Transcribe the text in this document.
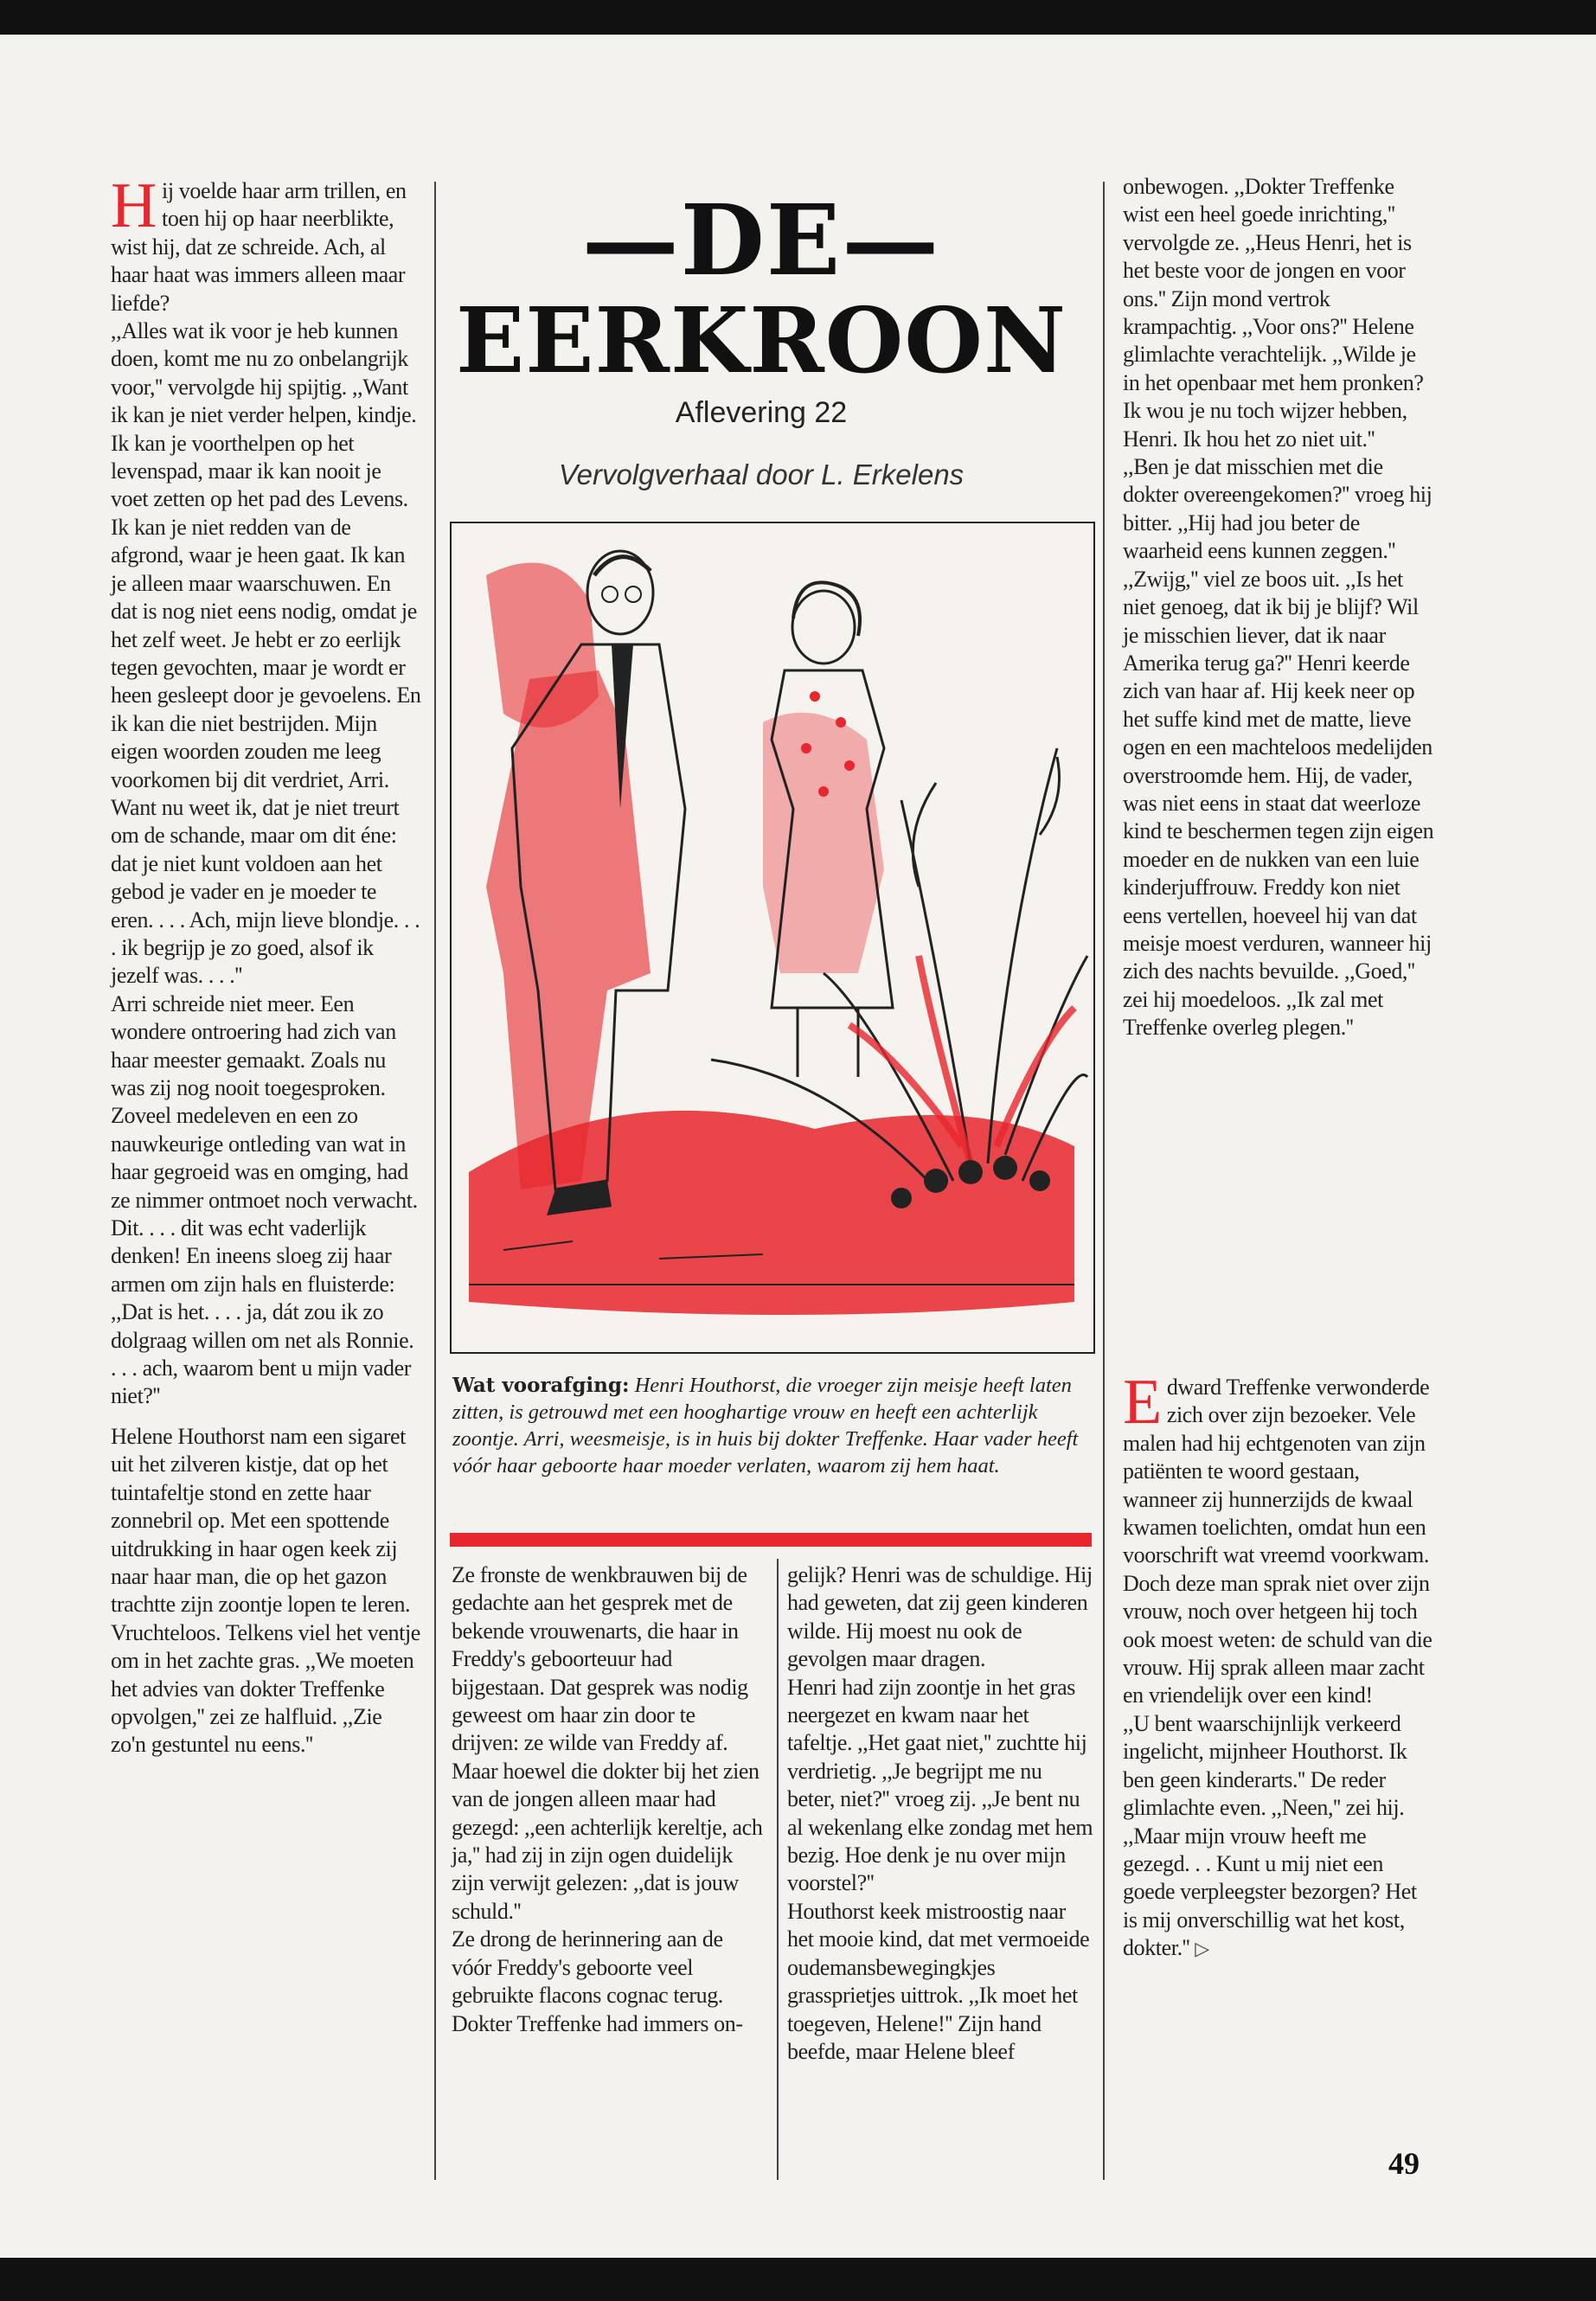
Hij voelde haar arm trillen, en toen hij op haar neerblikte, wist hij, dat ze schreide. Ach, al haar haat was immers alleen maar liefde?

,,Alles wat ik voor je heb kunnen doen, komt me nu zo onbelangrijk voor,'' vervolgde hij spijtig. ,,Want ik kan je niet verder helpen, kindje. Ik kan je voorthelpen op het levenspad, maar ik kan nooit je voet zetten op het pad des Levens. Ik kan je niet redden van de afgrond, waar je heen gaat. Ik kan je alleen maar waarschuwen. En dat is nog niet eens nodig, omdat je het zelf weet. Je hebt er zo eerlijk tegen gevochten, maar je wordt er heen gesleept door je gevoelens. En ik kan die niet bestrijden. Mijn eigen woorden zouden me leeg voorkomen bij dit verdriet, Arri. Want nu weet ik, dat je niet treurt om de schande, maar om dit éne: dat je niet kunt voldoen aan het gebod je vader en je moeder te eren. . . . Ach, mijn lieve blondje. . . . ik begrijp je zo goed, alsof ik jezelf was. . . .''

Arri schreide niet meer. Een wondere ontroering had zich van haar meester gemaakt. Zoals nu was zij nog nooit toegesproken. Zoveel medeleven en een zo nauwkeurige ontleding van wat in haar gegroeid was en omging, had ze nimmer ontmoet noch verwacht.

Dit. . . . dit was echt vaderlijk denken! En ineens sloeg zij haar armen om zijn hals en fluisterde: ,,Dat is het. . . . ja, dát zou ik zo dolgraag willen om net als Ronnie. . . . ach, waarom bent u mijn vader niet?''

Helene Houthorst nam een sigaret uit het zilveren kistje, dat op het tuintafeltje stond en zette haar zonnebril op. Met een spottende uitdrukking in haar ogen keek zij naar haar man, die op het gazon trachtte zijn zoontje lopen te leren. Vruchteloos. Telkens viel het ventje om in het zachte gras. ,,We moeten het advies van dokter Treffenke opvolgen,'' zei ze halfluid. ,,Zie zo'n gestuntel nu eens.''

—DE—
EERKROON
Aflevering 22
Vervolgverhaal door L. Erkelens
Wat voorafging: Henri Houthorst, die vroeger zijn meisje heeft laten zitten, is getrouwd met een hooghartige vrouw en heeft een achterlijk zoontje. Arri, weesmeisje, is in huis bij dokter Treffenke. Haar vader heeft vóór haar geboorte haar moeder verlaten, waarom zij hem haat.

Ze fronste de wenkbrauwen bij de gedachte aan het gesprek met de bekende vrouwenarts, die haar in Freddy's geboorteuur had bijgestaan. Dat gesprek was nodig geweest om haar zin door te drijven: ze wilde van Freddy af. Maar hoewel die dokter bij het zien van de jongen alleen maar had gezegd: ,,een achterlijk kereltje, ach ja,'' had zij in zijn ogen duidelijk zijn verwijt gelezen: ,,dat is jouw schuld.''

Ze drong de herinnering aan de vóór Freddy's geboorte veel gebruikte flacons cognac terug. Dokter Treffenke had immers on-

gelijk? Henri was de schuldige. Hij had geweten, dat zij geen kinderen wilde. Hij moest nu ook de gevolgen maar dragen.

Henri had zijn zoontje in het gras neergezet en kwam naar het tafeltje. ,,Het gaat niet,'' zuchtte hij verdrietig. ,,Je begrijpt me nu beter, niet?'' vroeg zij. ,,Je bent nu al wekenlang elke zondag met hem bezig. Hoe denk je nu over mijn voorstel?''

Houthorst keek mistroostig naar het mooie kind, dat met vermoeide oudemansbewegingkjes grassprietjes uittrok. ,,Ik moet het toegeven, Helene!'' Zijn hand beefde, maar Helene bleef

onbewogen. ,,Dokter Treffenke wist een heel goede inrichting,'' vervolgde ze. ,,Heus Henri, het is het beste voor de jongen en voor ons.'' Zijn mond vertrok krampachtig. ,,Voor ons?'' Helene glimlachte verachtelijk. ,,Wilde je in het openbaar met hem pronken? Ik wou je nu toch wijzer hebben, Henri. Ik hou het zo niet uit.''

,,Ben je dat misschien met die dokter overeengekomen?'' vroeg hij bitter. ,,Hij had jou beter de waarheid eens kunnen zeggen.''

,,Zwijg,'' viel ze boos uit. ,,Is het niet genoeg, dat ik bij je blijf? Wil je misschien liever, dat ik naar Amerika terug ga?'' Henri keerde zich van haar af. Hij keek neer op het suffe kind met de matte, lieve ogen en een machteloos medelijden overstroomde hem. Hij, de vader, was niet eens in staat dat weerloze kind te beschermen tegen zijn eigen moeder en de nukken van een luie kinderjuffrouw. Freddy kon niet eens vertellen, hoeveel hij van dat meisje moest verduren, wanneer hij zich des nachts bevuilde. ,,Goed,'' zei hij moedeloos. ,,Ik zal met Treffenke overleg plegen.''

Edward Treffenke verwonderde zich over zijn bezoeker. Vele malen had hij echtgenoten van zijn patiënten te woord gestaan, wanneer zij hunnerzijds de kwaal kwamen toelichten, omdat hun een voorschrift wat vreemd voorkwam. Doch deze man sprak niet over zijn vrouw, noch over hetgeen hij toch ook moest weten: de schuld van die vrouw. Hij sprak alleen maar zacht en vriendelijk over een kind!

,,U bent waarschijnlijk verkeerd ingelicht, mijnheer Houthorst. Ik ben geen kinderarts.'' De reder glimlachte even. ,,Neen,'' zei hij. ,,Maar mijn vrouw heeft me gezegd. . . Kunt u mij niet een goede verpleegster bezorgen? Het is mij onverschillig wat het kost, dokter.'' ▷

49
